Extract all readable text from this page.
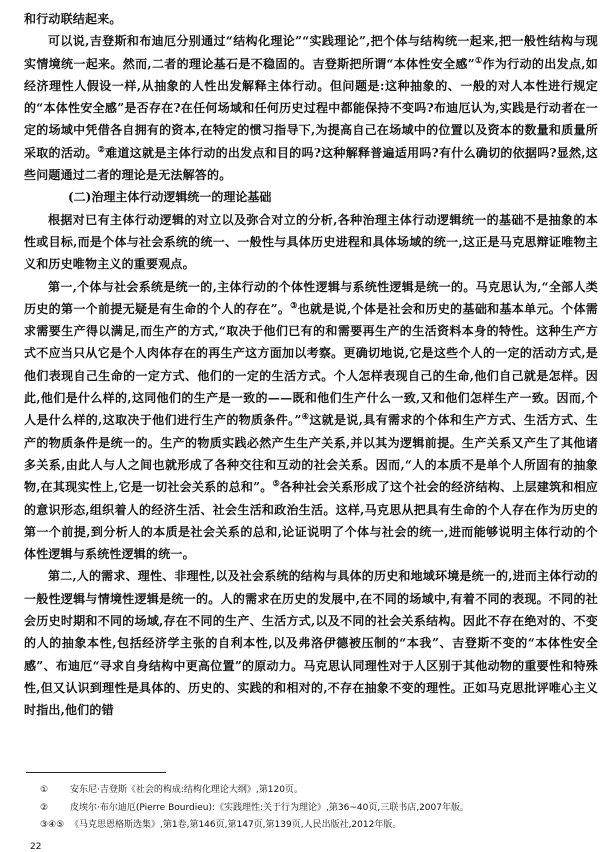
和行动联结起来。

可以说,吉登斯和布迪厄分别通过“结构化理论”“实践理论”,把个体与结构统一起来,把一般性结构与现实情境统一起来。然而,二者的理论基石是不稳固的。吉登斯把所谓“本体性安全感”①作为行动的出发点,如经济理性人假设一样,从抽象的人性出发解释主体行动。但问题是:这种抽象的、一般的对人本性进行规定的“本体性安全感”是否存在?在任何场域和任何历史过程中都能保持不变吗?布迪厄认为,实践是行动者在一定的场域中凭借各自拥有的资本,在特定的惯习指导下,为提高自己在场域中的位置以及资本的数量和质量所采取的活动。②难道这就是主体行动的出发点和目的吗?这种解释普遍适用吗?有什么确切的依据吗?显然,这些问题通过二者的理论是无法解答的。

(二)治理主体行动逻辑统一的理论基础

根据对已有主体行动逻辑的对立以及弥合对立的分析,各种治理主体行动逻辑统一的基础不是抽象的本性或目标,而是个体与社会系统的统一、一般性与具体历史进程和具体场域的统一,这正是马克思辩证唯物主义和历史唯物主义的重要观点。

第一,个体与社会系统是统一的,主体行动的个体性逻辑与系统性逻辑是统一的。马克思认为,“全部人类历史的第一个前提无疑是有生命的个人的存在”。③也就是说,个体是社会和历史的基础和基本单元。个体需求需要生产得以满足,而生产的方式,“取决于他们已有的和需要再生产的生活资料本身的特性。这种生产方式不应当只从它是个人肉体存在的再生产这方面加以考察。更确切地说,它是这些个人的一定的活动方式,是他们表现自己生命的一定方式、他们的一定的生活方式。个人怎样表现自己的生命,他们自己就是怎样。因此,他们是什么样的,这同他们的生产是一致的——既和他们生产什么一致,又和他们怎样生产一致。因而,个人是什么样的,这取决于他们进行生产的物质条件。”④这就是说,具有需求的个体和生产方式、生活方式、生产的物质条件是统一的。生产的物质实践必然产生生产关系,并以其为逻辑前提。生产关系又产生了其他诸多关系,由此人与人之间也就形成了各种交往和互动的社会关系。因而,“人的本质不是单个人所固有的抽象物,在其现实性上,它是一切社会关系的总和”。⑤各种社会关系形成了这个社会的经济结构、上层建筑和相应的意识形态,组织着人的经济生活、社会生活和政治生活。这样,马克思从把具有生命的个人存在作为历史的第一个前提,到分析人的本质是社会关系的总和,论证说明了个体与社会的统一,进而能够说明主体行动的个体性逻辑与系统性逻辑的统一。

第二,人的需求、理性、非理性,以及社会系统的结构与具体的历史和地域环境是统一的,进而主体行动的一般性逻辑与情境性逻辑是统一的。人的需求在历史的发展中,在不同的场域中,有着不同的表现。不同的社会历史时期和不同的场域,存在不同的生产、生活方式,以及不同的社会关系结构。因此不存在绝对的、不变的人的抽象本性,包括经济学主张的自利本性,以及弗洛伊德被压制的“本我”、吉登斯不变的“本体性安全感”、布迪厄“寻求自身结构中更高位置”的原动力。马克思认同理性对于人区别于其他动物的重要性和特殊性,但又认识到理性是具体的、历史的、实践的和相对的,不存在抽象不变的理性。正如马克思批评唯心主义时指出,他们的错

① 安东尼·吉登斯《社会的构成:结构化理论大纲》,第120页。

② 皮埃尔·布尔迪厄(Pierre Bourdieu):《实践理性:关于行为理论》,第36~40页,三联书店,2007年版。

③④⑤ 《马克思恩格斯选集》,第1卷,第146页,第147页,第139页,人民出版社,2012年版。

22
